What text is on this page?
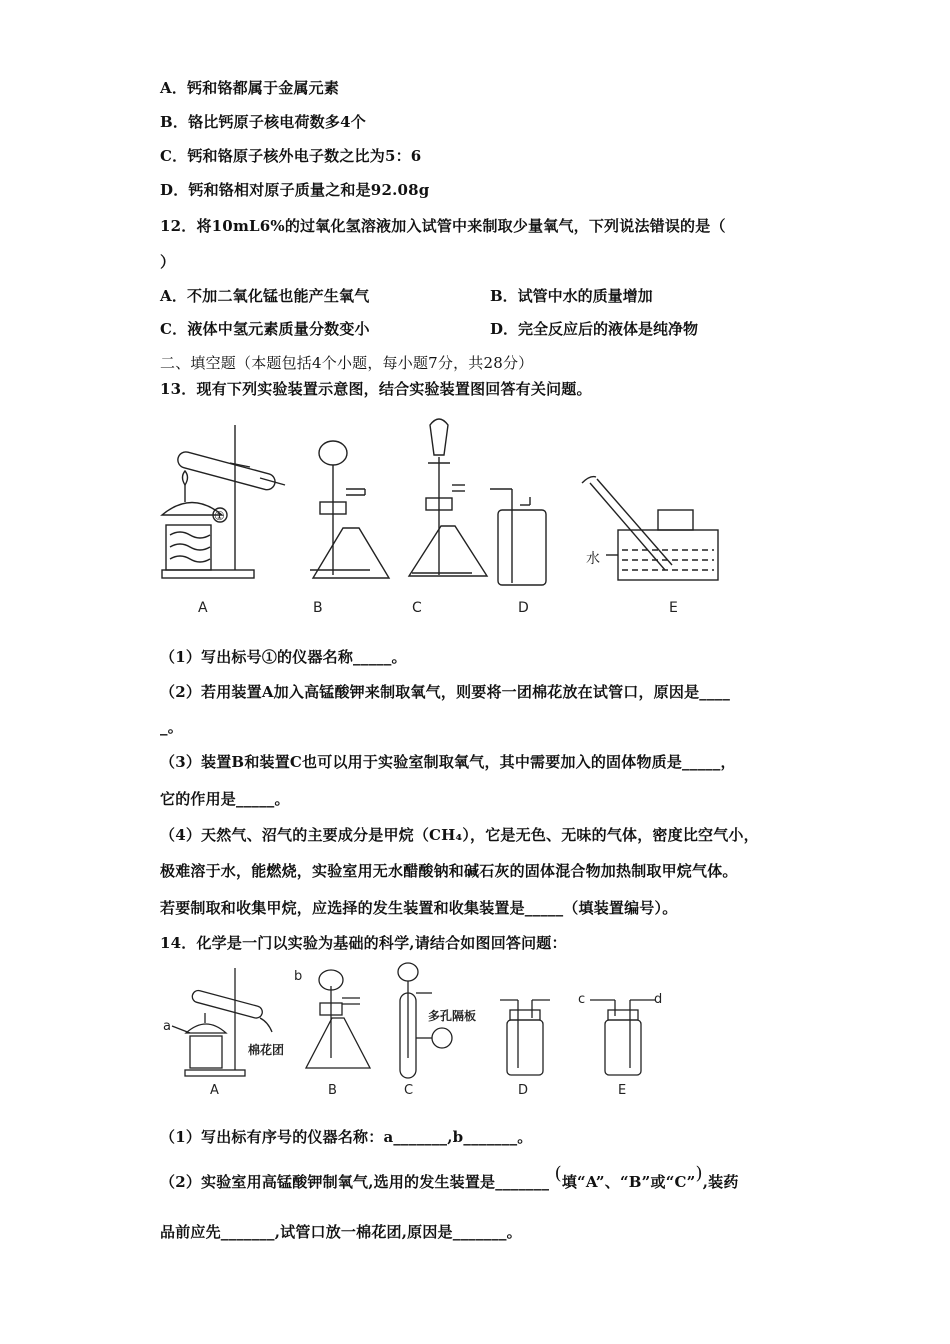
A．钙和铬都属于金属元素
B．铬比钙原子核电荷数多4个
C．钙和铬原子核外电子数之比为5：6
D．钙和铬相对原子质量之和是92.08g
12．将10mL6%的过氧化氢溶液加入试管中来制取少量氧气，下列说法错误的是（
）
A．不加二氧化锰也能产生氧气	B．试管中水的质量增加
C．液体中氢元素质量分数变小	D．完全反应后的液体是纯净物
二、填空题（本题包括4个小题，每小题7分，共28分）
13．现有下列实验装置示意图，结合实验装置图回答有关问题。
A	B	C	D	E
①
水
（1）写出标号①的仪器名称_____。
（2）若用装置A加入高锰酸钾来制取氧气，则要将一团棉花放在试管口，原因是____
_。
（3）装置B和装置C也可以用于实验室制取氧气，其中需要加入的固体物质是_____，
它的作用是_____。
（4）天然气、沼气的主要成分是甲烷（CH₄），它是无色、无味的气体，密度比空气小，
极难溶于水，能燃烧，实验室用无水醋酸钠和碱石灰的固体混合物加热制取甲烷气体。
若要制取和收集甲烷，应选择的发生装置和收集装置是_____（填装置编号）。
14．化学是一门以实验为基础的科学,请结合如图回答问题：
A	B	C	D	E
a
b
c	d
棉花团
多孔隔板
（1）写出标有序号的仪器名称：a_______,b_______。
（2）实验室用高锰酸钾制氧气,选用的发生装置是_______ (填“A”、“B”或“C”),装药
品前应先_______,试管口放一棉花团,原因是_______。
